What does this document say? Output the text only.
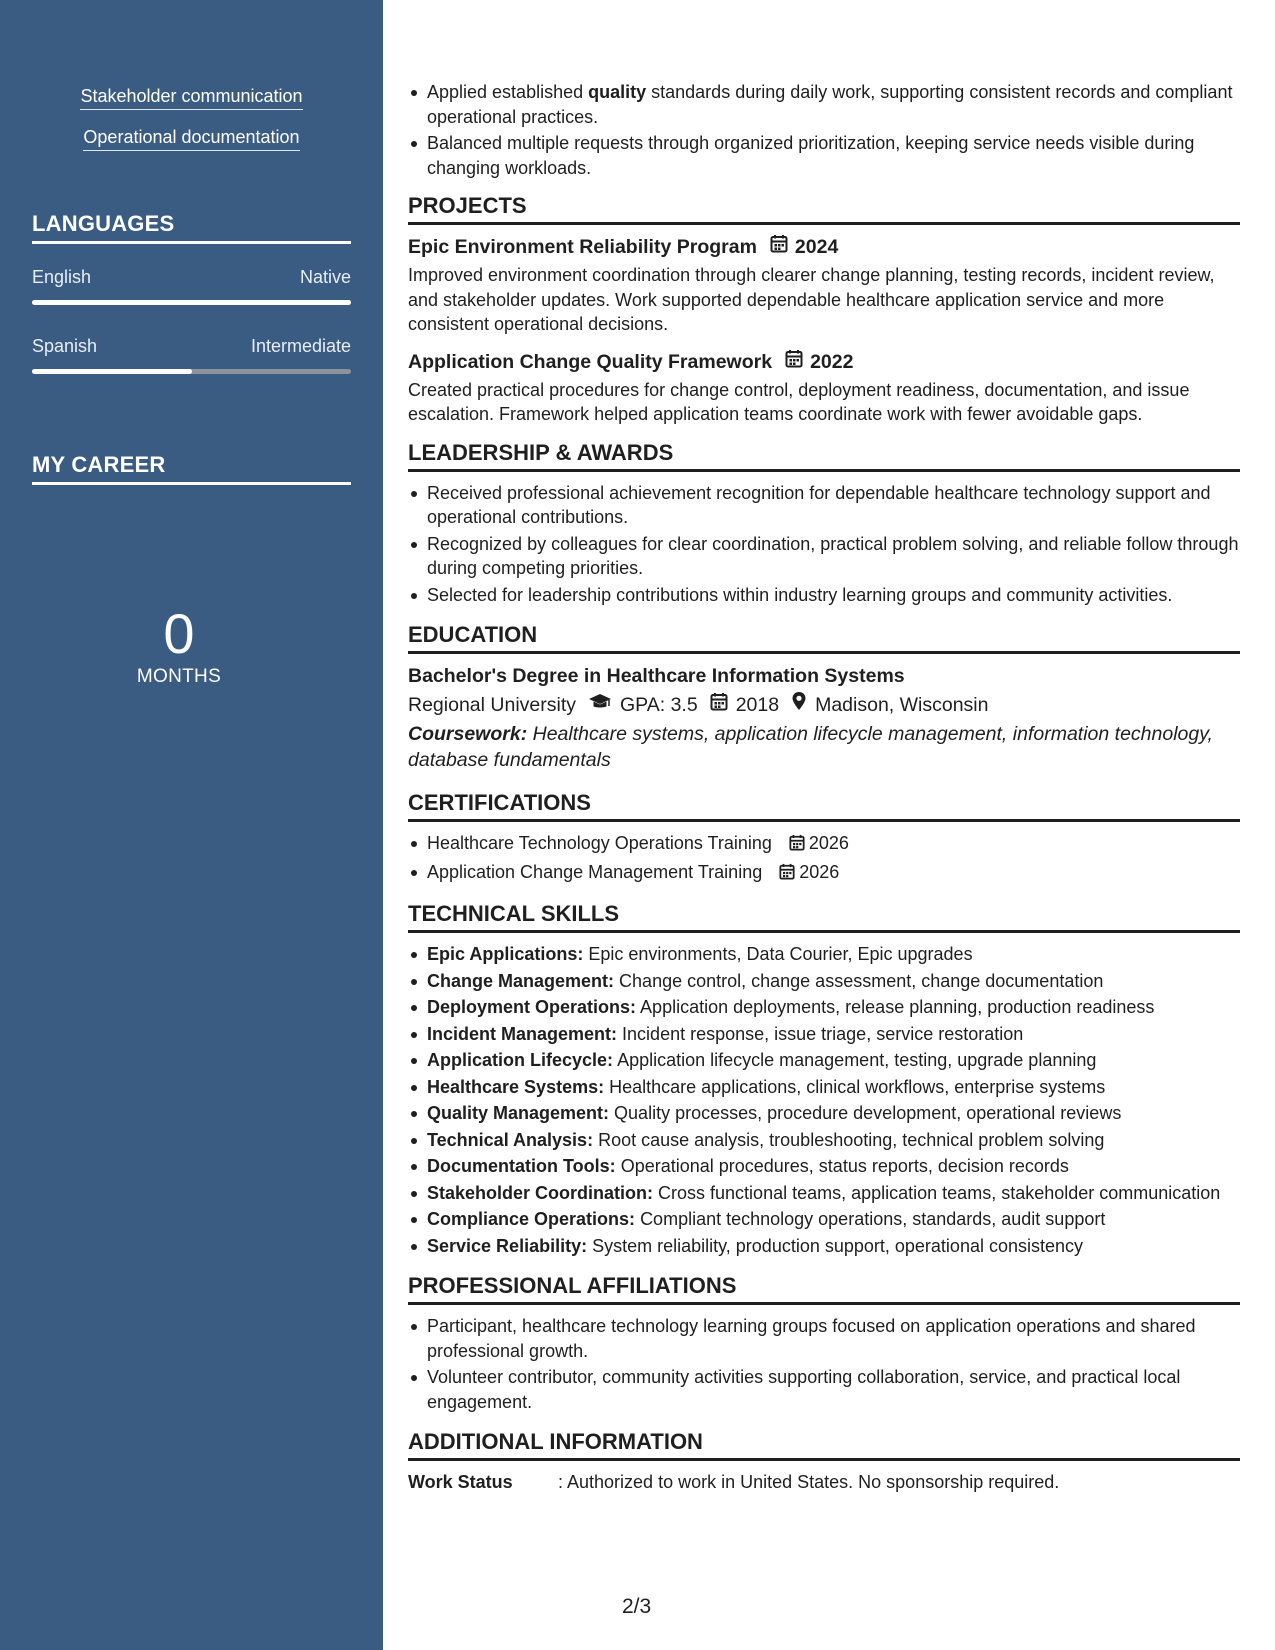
Stakeholder communication
Operational documentation
LANGUAGES
English	Native
Spanish	Intermediate
MY CAREER
0
MONTHS
Applied established quality standards during daily work, supporting consistent records and compliant operational practices.
Balanced multiple requests through organized prioritization, keeping service needs visible during changing workloads.
PROJECTS
Epic Environment Reliability Program 2024
Improved environment coordination through clearer change planning, testing records, incident review, and stakeholder updates. Work supported dependable healthcare application service and more consistent operational decisions.
Application Change Quality Framework 2022
Created practical procedures for change control, deployment readiness, documentation, and issue escalation. Framework helped application teams coordinate work with fewer avoidable gaps.
LEADERSHIP & AWARDS
Received professional achievement recognition for dependable healthcare technology support and operational contributions.
Recognized by colleagues for clear coordination, practical problem solving, and reliable follow through during competing priorities.
Selected for leadership contributions within industry learning groups and community activities.
EDUCATION
Bachelor's Degree in Healthcare Information Systems
Regional University GPA: 3.5 2018 Madison, Wisconsin
Coursework: Healthcare systems, application lifecycle management, information technology, database fundamentals
CERTIFICATIONS
Healthcare Technology Operations Training 2026
Application Change Management Training 2026
TECHNICAL SKILLS
Epic Applications: Epic environments, Data Courier, Epic upgrades
Change Management: Change control, change assessment, change documentation
Deployment Operations: Application deployments, release planning, production readiness
Incident Management: Incident response, issue triage, service restoration
Application Lifecycle: Application lifecycle management, testing, upgrade planning
Healthcare Systems: Healthcare applications, clinical workflows, enterprise systems
Quality Management: Quality processes, procedure development, operational reviews
Technical Analysis: Root cause analysis, troubleshooting, technical problem solving
Documentation Tools: Operational procedures, status reports, decision records
Stakeholder Coordination: Cross functional teams, application teams, stakeholder communication
Compliance Operations: Compliant technology operations, standards, audit support
Service Reliability: System reliability, production support, operational consistency
PROFESSIONAL AFFILIATIONS
Participant, healthcare technology learning groups focused on application operations and shared professional growth.
Volunteer contributor, community activities supporting collaboration, service, and practical local engagement.
ADDITIONAL INFORMATION
Work Status	: Authorized to work in United States. No sponsorship required.
2/3
